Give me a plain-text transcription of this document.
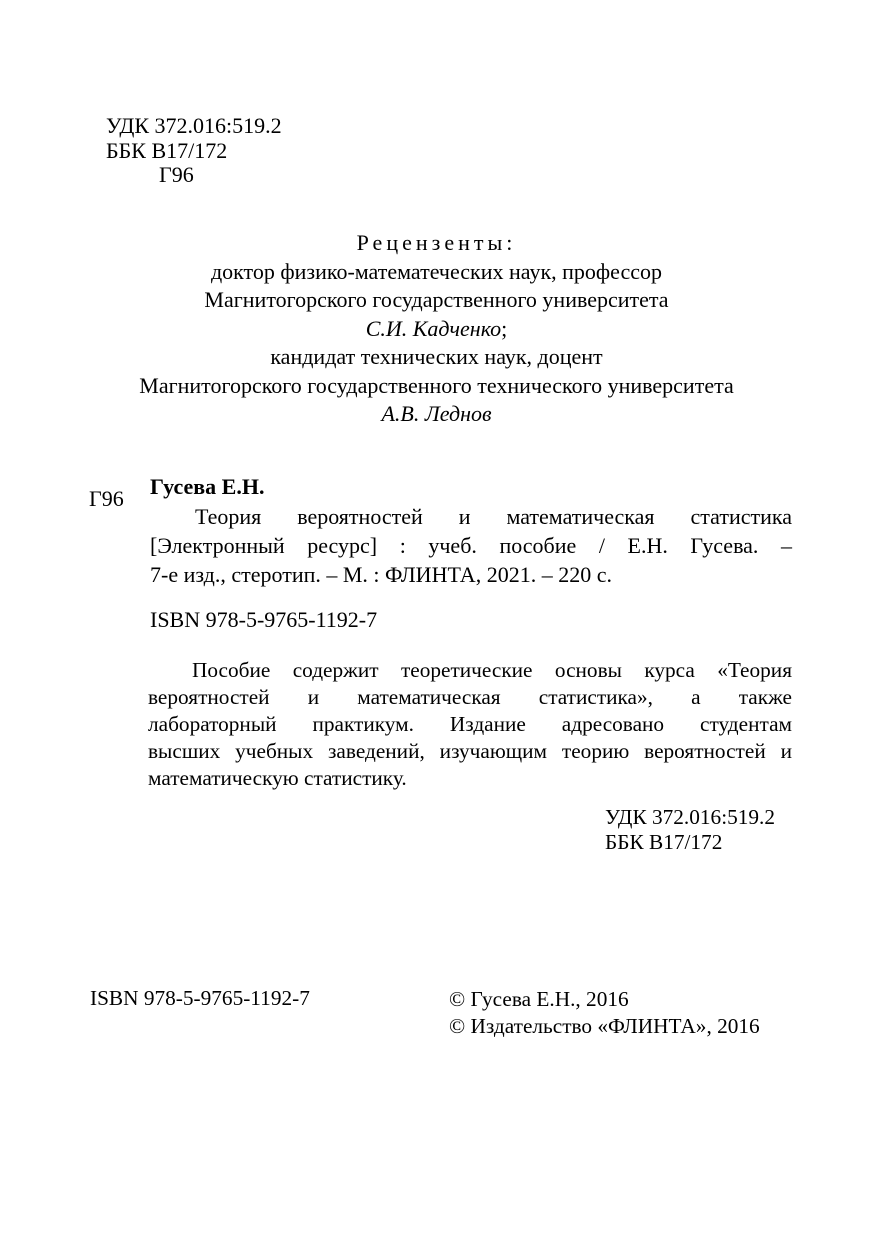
УДК 372.016:519.2
ББК В17/172
Г96
Рецензенты:
доктор физико-математеческих наук, профессор
Магнитогорского государственного университета
С.И. Кадченко;
кандидат технических наук, доцент
Магнитогорского государственного технического университета
А.В. Леднов
Г96 Гусева Е.Н.
Теория вероятностей и математическая статистика
[Электронный ресурс] : учеб. пособие / Е.Н. Гусева. –
7-е изд., стеротип. – М. : ФЛИНТА, 2021. – 220 с.
ISBN 978-5-9765-1192-7
Пособие содержит теоретические основы курса «Теория
вероятностей и математическая статистика», а также
лабораторный практикум. Издание адресовано студентам
высших учебных заведений, изучающим теорию вероятностей и
математическую статистику.
УДК 372.016:519.2
ББК В17/172
ISBN 978-5-9765-1192-7	© Гусева Е.Н., 2016
© Издательство «ФЛИНТА», 2016
